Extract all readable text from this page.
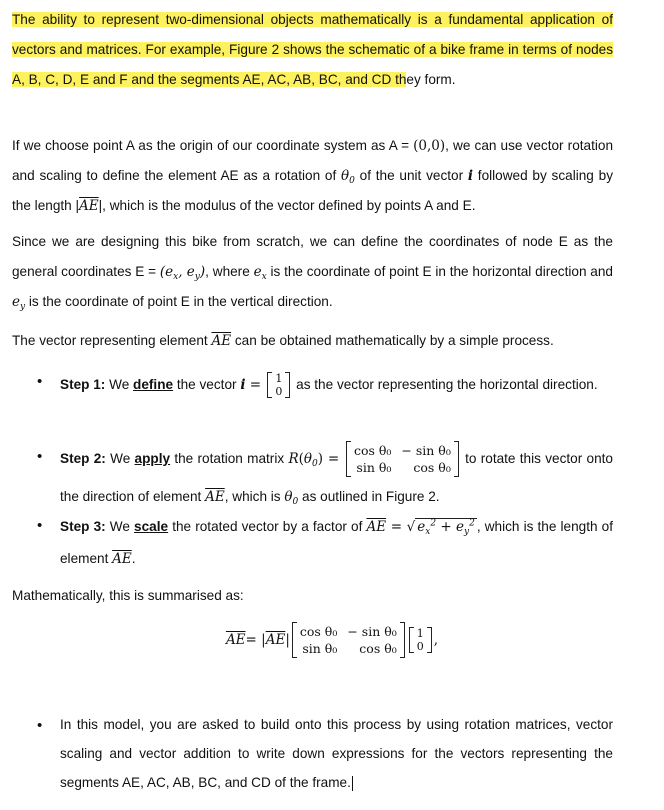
The ability to represent two-dimensional objects mathematically is a fundamental application of vectors and matrices. For example, Figure 2 shows the schematic of a bike frame in terms of nodes A, B, C, D, E and F and the segments AE, AC, AB, BC, and CD they form.
If we choose point A as the origin of our coordinate system as A = (0,0), we can use vector rotation and scaling to define the element AE as a rotation of $\theta_0$ of the unit vector i followed by scaling by the length $|\overline{AE}|$, which is the modulus of the vector defined by points A and E.
Since we are designing this bike from scratch, we can define the coordinates of node E as the general coordinates $E = (e_x$, $e_y$), where $e_x$ is the coordinate of point E in the horizontal direction and $e_y$ is the coordinate of point E in the vertical direction.
The vector representing element $\overline{AE}$ can be obtained mathematically by a simple process.
• Step 1: We define the vector i = 1
0 as the vector representing the horizontal direction.
• Step 2: We apply the rotation matrix $R(\theta_0)$ =
cos θ₀ − sin θ₀
sin θ₀	cos θ₀
to rotate this vector onto the direction of element $\overline{AE}$, which is $\theta_0$ as outlined in Figure 2.
• Step 3: We scale the rotated vector by a factor of $\overline{AE}$ = √ $e_x^2 + e_y^2$ , which is the length of element $\overline{AE}$.
Mathematically, this is summarised as:
$\overline{AE}$ = | $\overline{AE}$ |
cos θ₀ − sin θ₀
sin θ₀	cos θ₀
1
0 ,
• In this model, you are asked to build onto this process by using rotation matrices, vector scaling and vector addition to write down expressions for the vectors representing the segments AE, AC, AB, BC, and CD of the frame.
